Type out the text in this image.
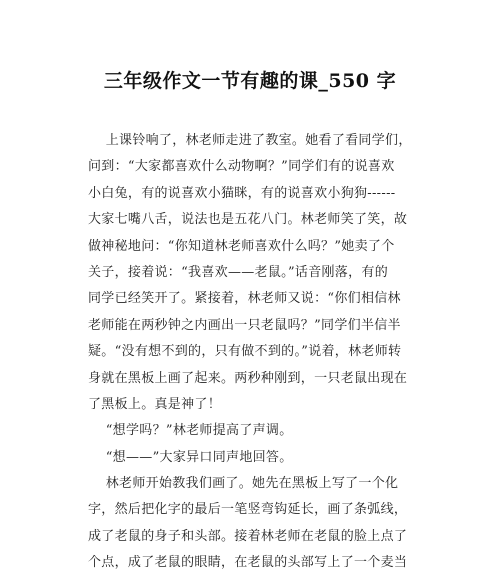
三年级作文一节有趣的课_550 字
上课铃响了，林老师走进了教室。她看了看同学们，
问到：“大家都喜欢什么动物啊？”同学们有的说喜欢
小白兔，有的说喜欢小猫眯，有的说喜欢小狗狗------
大家七嘴八舌，说法也是五花八门。林老师笑了笑，故
做神秘地问：“你知道林老师喜欢什么吗？”她卖了个
关子，接着说：“我喜欢——老鼠。”话音刚落，有的
同学已经笑开了。紧接着，林老师又说：“你们相信林
老师能在两秒钟之内画出一只老鼠吗？”同学们半信半
疑。“没有想不到的，只有做不到的。”说着，林老师转
身就在黑板上画了起来。两秒种刚到，一只老鼠出现在
了黑板上。真是神了！
“想学吗？”林老师提高了声调。
“想——”大家异口同声地回答。
林老师开始教我们画了。她先在黑板上写了一个化
字，然后把化字的最后一笔竖弯钩延长，画了条弧线，
成了老鼠的身子和头部。接着林老师在老鼠的脸上点了
个点，成了老鼠的眼睛，在老鼠的头部写上了一个麦当
